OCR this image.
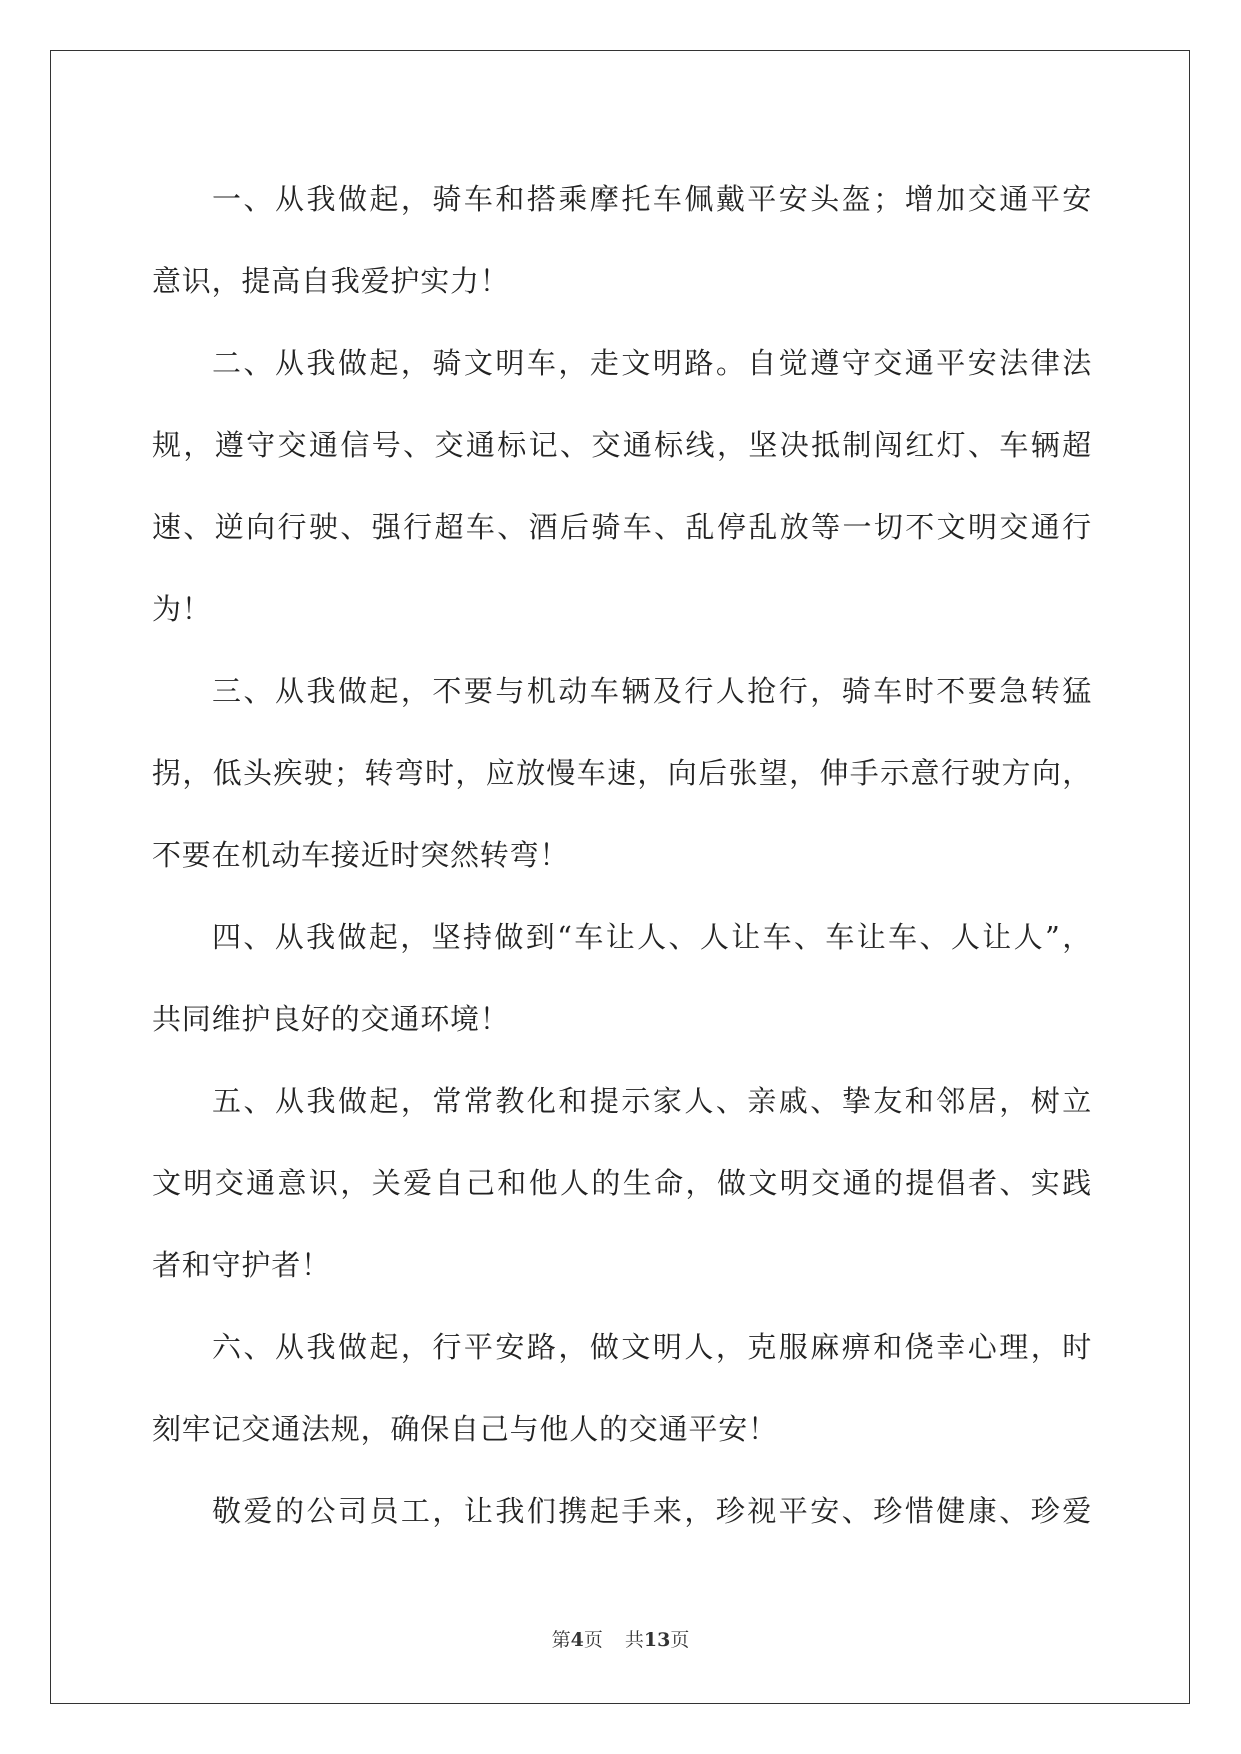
一、从我做起，骑车和搭乘摩托车佩戴平安头盔；增加交通平安
意识，提高自我爱护实力！
二、从我做起，骑文明车，走文明路。自觉遵守交通平安法律法
规，遵守交通信号、交通标记、交通标线，坚决抵制闯红灯、车辆超
速、逆向行驶、强行超车、酒后骑车、乱停乱放等一切不文明交通行
为！
三、从我做起，不要与机动车辆及行人抢行，骑车时不要急转猛
拐，低头疾驶；转弯时，应放慢车速，向后张望，伸手示意行驶方向，
不要在机动车接近时突然转弯！
四、从我做起，坚持做到“车让人、人让车、车让车、人让人”，
共同维护良好的交通环境！
五、从我做起，常常教化和提示家人、亲戚、挚友和邻居，树立
文明交通意识，关爱自己和他人的生命，做文明交通的提倡者、实践
者和守护者！
六、从我做起，行平安路，做文明人，克服麻痹和侥幸心理，时
刻牢记交通法规，确保自己与他人的交通平安！
敬爱的公司员工，让我们携起手来，珍视平安、珍惜健康、珍爱
第4页 共13页
